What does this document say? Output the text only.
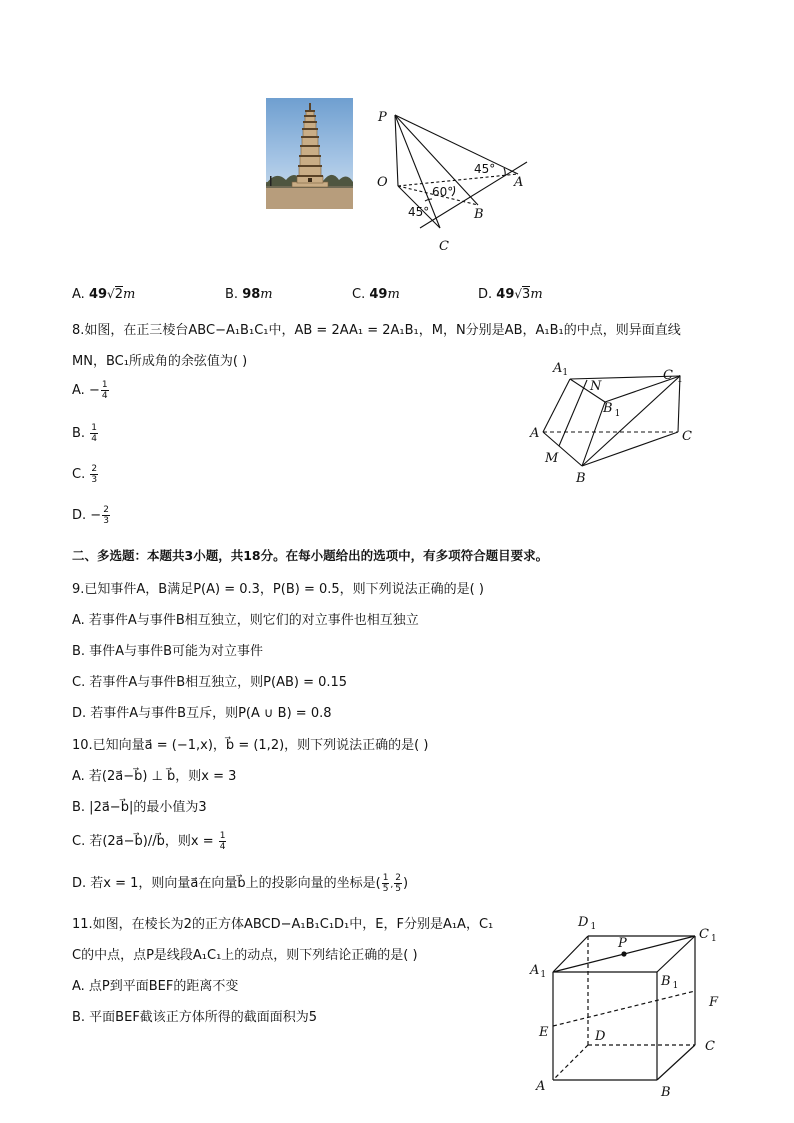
P
O	A
B
C
45°
60°
45°
A. 49√2m	B. 98m	C. 49m	D. 49√3m
8.如图，在正三棱台ABC−A₁B₁C₁中，AB = 2AA₁ = 2A₁B₁，M，N分别是AB，A₁B₁的中点，则异面直线
MN，BC₁所成角的余弦值为( )
A. − $\frac{1}{4}$
B. $\frac{1}{4}$
C. $\frac{2}{3}$
D. − $\frac{2}{3}$
$A_1$
N
C $_1$
B $_1$
A	C
M
B
二、多选题：本题共3小题，共18分。在每小题给出的选项中，有多项符合题目要求。
9.已知事件A，B满足P(A) = 0.3，P(B) = 0.5，则下列说法正确的是( )
A. 若事件A与事件B相互独立，则它们的对立事件也相互独立
B. 事件A与事件B可能为对立事件
C. 若事件A与事件B相互独立，则P(AB) = 0.15
D. 若事件A与事件B互斥，则P(A ∪ B) = 0.8
10.已知向量a⃗ = (−1,x)，b⃗ = (1,2)，则下列说法正确的是( )
A. 若(2a⃗−b⃗) ⊥ b⃗，则x = 3
B. |2a⃗−b⃗|的最小值为3
C. 若(2a⃗−b⃗)//b⃗，则$x = \frac{1}{4}$
D. 若x = 1，则向量a⃗在向量b⃗上的投影向量的坐标是( $\frac{1}{5}$ , $\frac{2}{5}$ )
11.如图，在棱长为2的正方体ABCD−A₁B₁C₁D₁中，E，F分别是A₁A，C₁
C的中点，点P是线段A₁C₁上的动点，则下列结论正确的是( )
A. 点P到平面BEF的距离不变
B. 平面BEF截该正方体所得的截面面积为5
D $_1$
P
C $_1$
$A_1$	B $_1$
F
E	D
C
A	B
